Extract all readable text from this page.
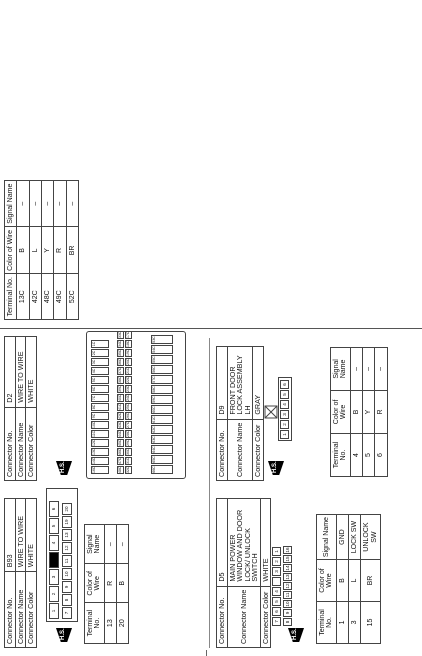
Connector No.	B93
Connector Name	WIRE TO WIRE
Connector Color	WHITE
H.S.
1
2
3
4
5
6
7
8
9
10
11
12
13
19
20
Terminal No.	Color of Wire	Signal Name
13	R	–
20	B	–
Connector No.	D2
Connector Name	WIRE TO WIRE
Connector Color	WHITE
H.S.	16C
14C
13C
12C
11C
10C
9C
8C
7C
6C
5C
4C
3C
2C
1C
48C
47C
46C
45C
44C
43C
42C
41C
40C
39C
38C
37C
36C
35C
34C
33C
32C
31C
30C
29C
28C
27C
26C
25C
24C
23C
22C
21C
20C
19C
18C
17C
66C
65C
64C
63C
62C
61C
60C
59C
58C
57C
56C
55C
54C
53C
Terminal No.	Color of Wire	Signal Name
13C	B	–
42C	L	–
48C	Y	–
49C	R	–
52C	BR	–
Connector No.	D5
Connector Name	MAIN POWER WINDOW AND DOOR LOCK/ UNLOCK SWITCH
Connector Color	WHITE
H.S.
7
6
5
4
3
2
1
8
9
10
11
12
13
14
15
16
Terminal No.	Color of Wire	Signal Name
1	B	GND
3	L	LOCK SW
15	BR	UNLOCK SW
Connector No.	D9
Connector Name	FRONT DOOR LOCK ASSEMBLY LH
Connector Color	GRAY
H.S.
1
2
3
4
5
6
Terminal No.	Color of Wire	Signal Name
4	B	–
5	Y	–
6	R	–
